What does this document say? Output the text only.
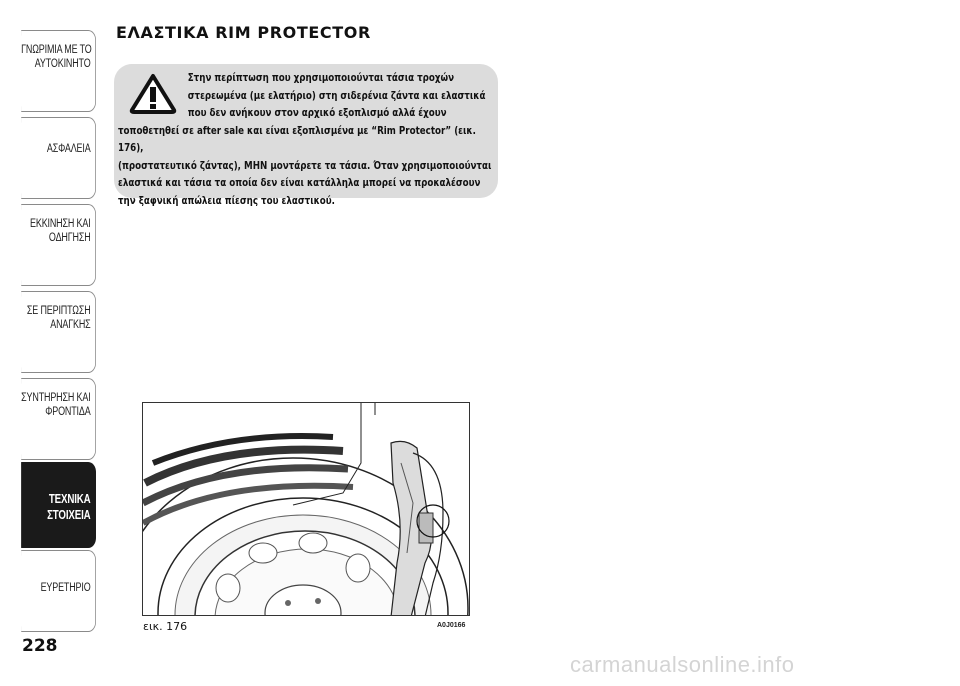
ΓΝΩΡΙΜΙΑ ΜΕ ΤΟ
ΑΥΤΟΚΙΝΗΤΟ
ΑΣΦΑΛΕΙΑ
ΕΚΚΙΝΗΣΗ ΚΑΙ
ΟΔΗΓΗΣΗ
ΣΕ ΠΕΡΙΠΤΩΣΗ
ΑΝΑΓΚΗΣ
ΣΥΝΤΗΡΗΣΗ ΚΑΙ
ΦΡΟΝΤΙΔΑ
ΤΕΧΝΙΚΑ
ΣΤΟΙΧΕΙΑ
ΕΥΡΕΤΗΡΙΟ
228
ΕΛΑΣΤΙΚΑ RIM PROTECTOR
Στην περίπτωση που χρησιμοποιούνται τάσια τροχών
στερεωμένα (με ελατήριο) στη σιδερένια ζάντα και ελαστικά
που δεν ανήκουν στον αρχικό εξοπλισμό αλλά έχουν
τοποθετηθεί σε after sale και είναι εξοπλισμένα με “Rim Protector” (εικ. 176),
(προστατευτικό ζάντας), ΜΗΝ μοντάρετε τα τάσια. Όταν χρησιμοποιούνται
ελαστικά και τάσια τα οποία δεν είναι κατάλληλα μπορεί να προκαλέσουν
την ξαφνική απώλεια πίεσης του ελαστικού.
εικ. 176	A0J0166
carmanualsonline.info
